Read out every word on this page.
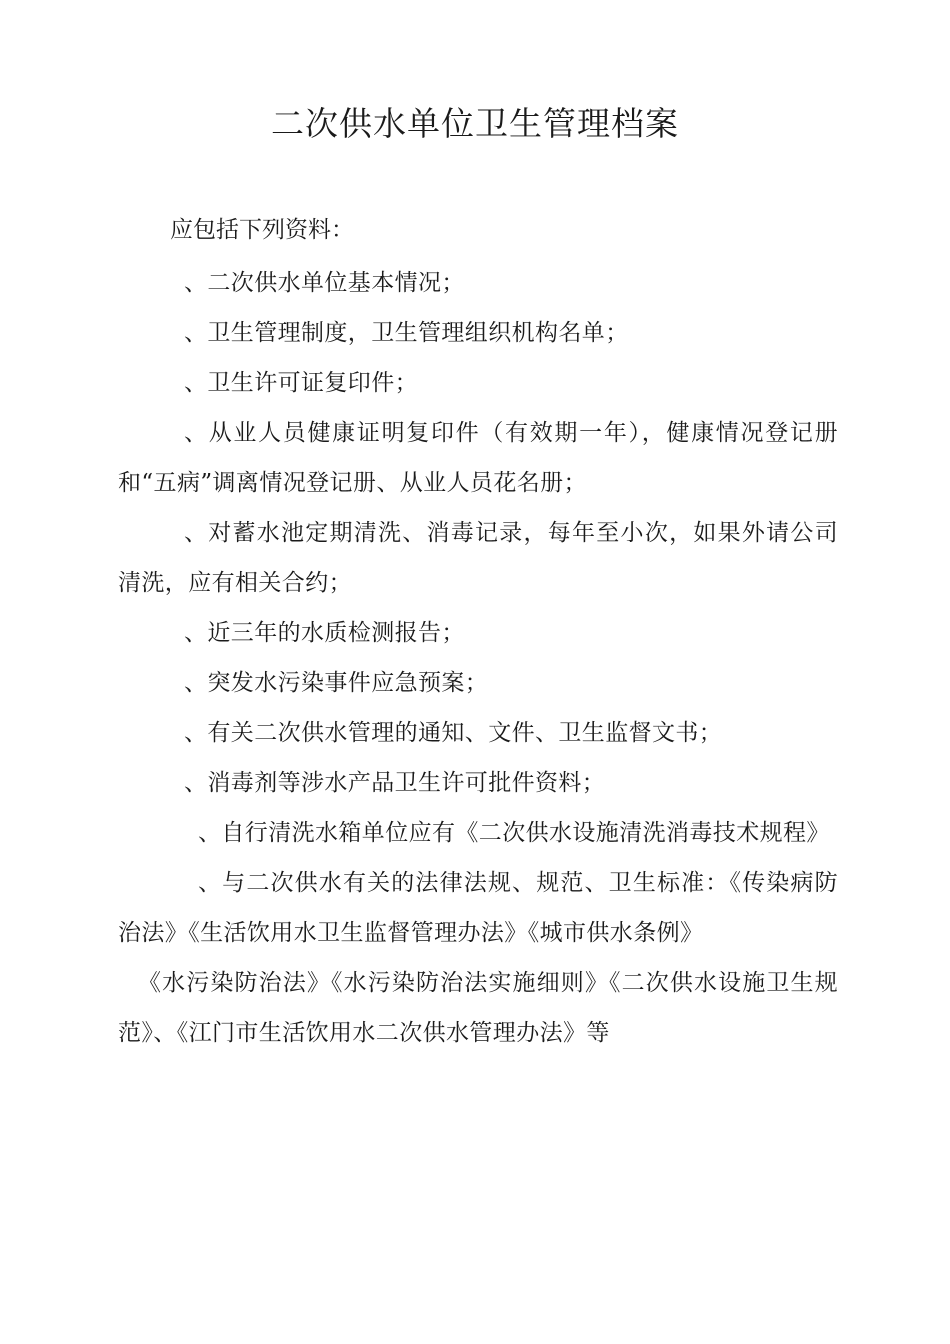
二次供水单位卫生管理档案

应包括下列资料：

、二次供水单位基本情况；
、卫生管理制度，卫生管理组织机构名单；
、卫生许可证复印件；
、从业人员健康证明复印件（有效期一年），健康情况登记册和“五病”调离情况登记册、从业人员花名册；
、对蓄水池定期清洗、消毒记录，每年至小次，如果外请公司清洗，应有相关合约；
、近三年的水质检测报告；
、突发水污染事件应急预案；
、有关二次供水管理的通知、文件、卫生监督文书；
、消毒剂等涉水产品卫生许可批件资料；
、自行清洗水箱单位应有《二次供水设施清洗消毒技术规程》
、与二次供水有关的法律法规、规范、卫生标准：《传染病防治法》《生活饮用水卫生监督管理办法》《城市供水条例》
《水污染防治法》《水污染防治法实施细则》《二次供水设施卫生规范》、《江门市生活饮用水二次供水管理办法》等
